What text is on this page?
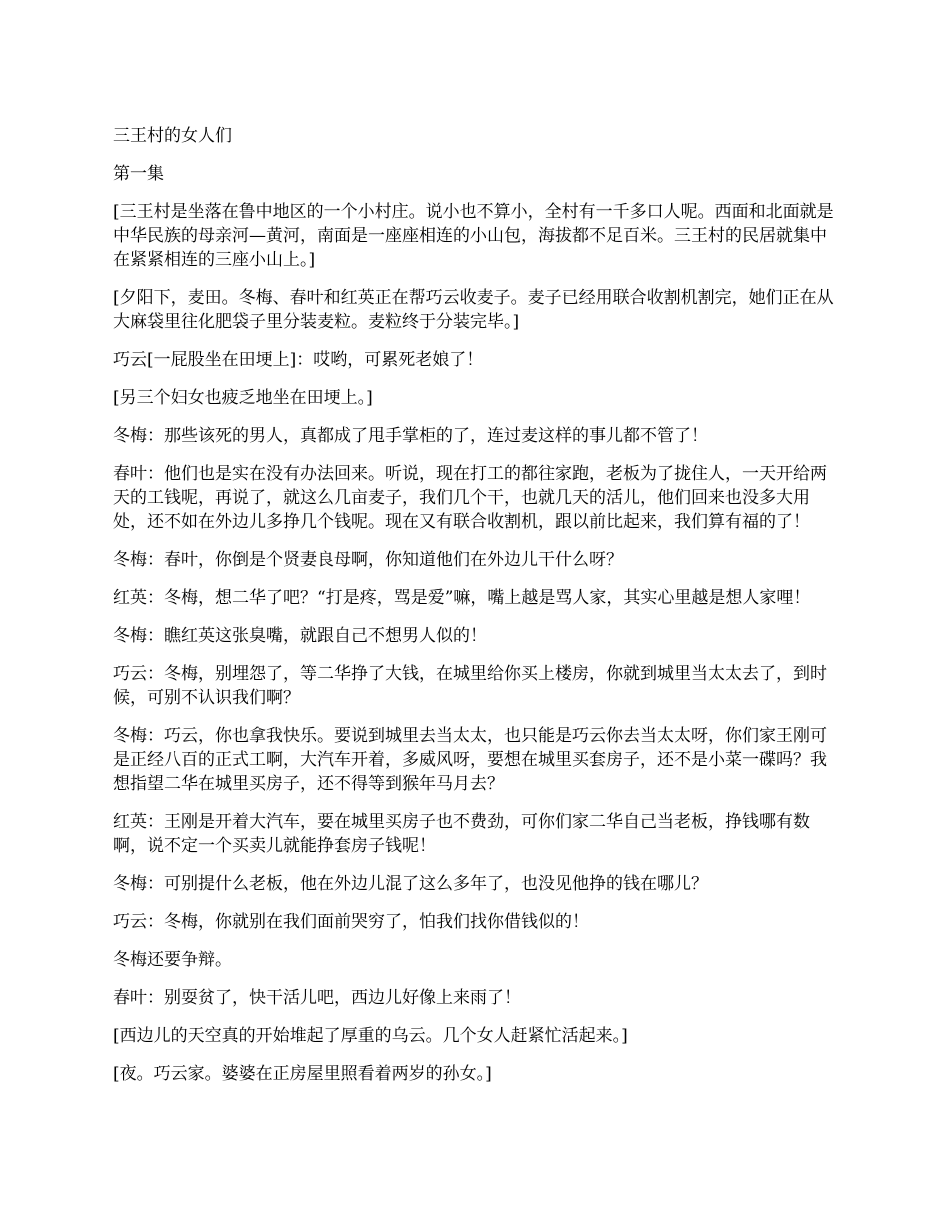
三王村的女人们

第一集

[三王村是坐落在鲁中地区的一个小村庄。说小也不算小，全村有一千多口人呢。西面和北面就是中华民族的母亲河—黄河，南面是一座座相连的小山包，海拔都不足百米。三王村的民居就集中在紧紧相连的三座小山上。]

[夕阳下，麦田。冬梅、春叶和红英正在帮巧云收麦子。麦子已经用联合收割机割完，她们正在从大麻袋里往化肥袋子里分装麦粒。麦粒终于分装完毕。]

巧云[一屁股坐在田埂上]：哎哟，可累死老娘了！

[另三个妇女也疲乏地坐在田埂上。]

冬梅：那些该死的男人，真都成了甩手掌柜的了，连过麦这样的事儿都不管了！

春叶：他们也是实在没有办法回来。听说，现在打工的都往家跑，老板为了拢住人，一天开给两天的工钱呢，再说了，就这么几亩麦子，我们几个干，也就几天的活儿，他们回来也没多大用处，还不如在外边儿多挣几个钱呢。现在又有联合收割机，跟以前比起来，我们算有福的了！

冬梅：春叶，你倒是个贤妻良母啊，你知道他们在外边儿干什么呀？

红英：冬梅，想二华了吧？“打是疼，骂是爱”嘛，嘴上越是骂人家，其实心里越是想人家哩！

冬梅：瞧红英这张臭嘴，就跟自己不想男人似的！

巧云：冬梅，别埋怨了，等二华挣了大钱，在城里给你买上楼房，你就到城里当太太去了，到时候，可别不认识我们啊？

冬梅：巧云，你也拿我快乐。要说到城里去当太太，也只能是巧云你去当太太呀，你们家王刚可是正经八百的正式工啊，大汽车开着，多威风呀，要想在城里买套房子，还不是小菜一碟吗？我想指望二华在城里买房子，还不得等到猴年马月去？

红英：王刚是开着大汽车，要在城里买房子也不费劲，可你们家二华自己当老板，挣钱哪有数啊，说不定一个买卖儿就能挣套房子钱呢！

冬梅：可别提什么老板，他在外边儿混了这么多年了，也没见他挣的钱在哪儿？

巧云：冬梅，你就别在我们面前哭穷了，怕我们找你借钱似的！

冬梅还要争辩。

春叶：别耍贫了，快干活儿吧，西边儿好像上来雨了！

[西边儿的天空真的开始堆起了厚重的乌云。几个女人赶紧忙活起来。]

[夜。巧云家。婆婆在正房屋里照看着两岁的孙女。]
